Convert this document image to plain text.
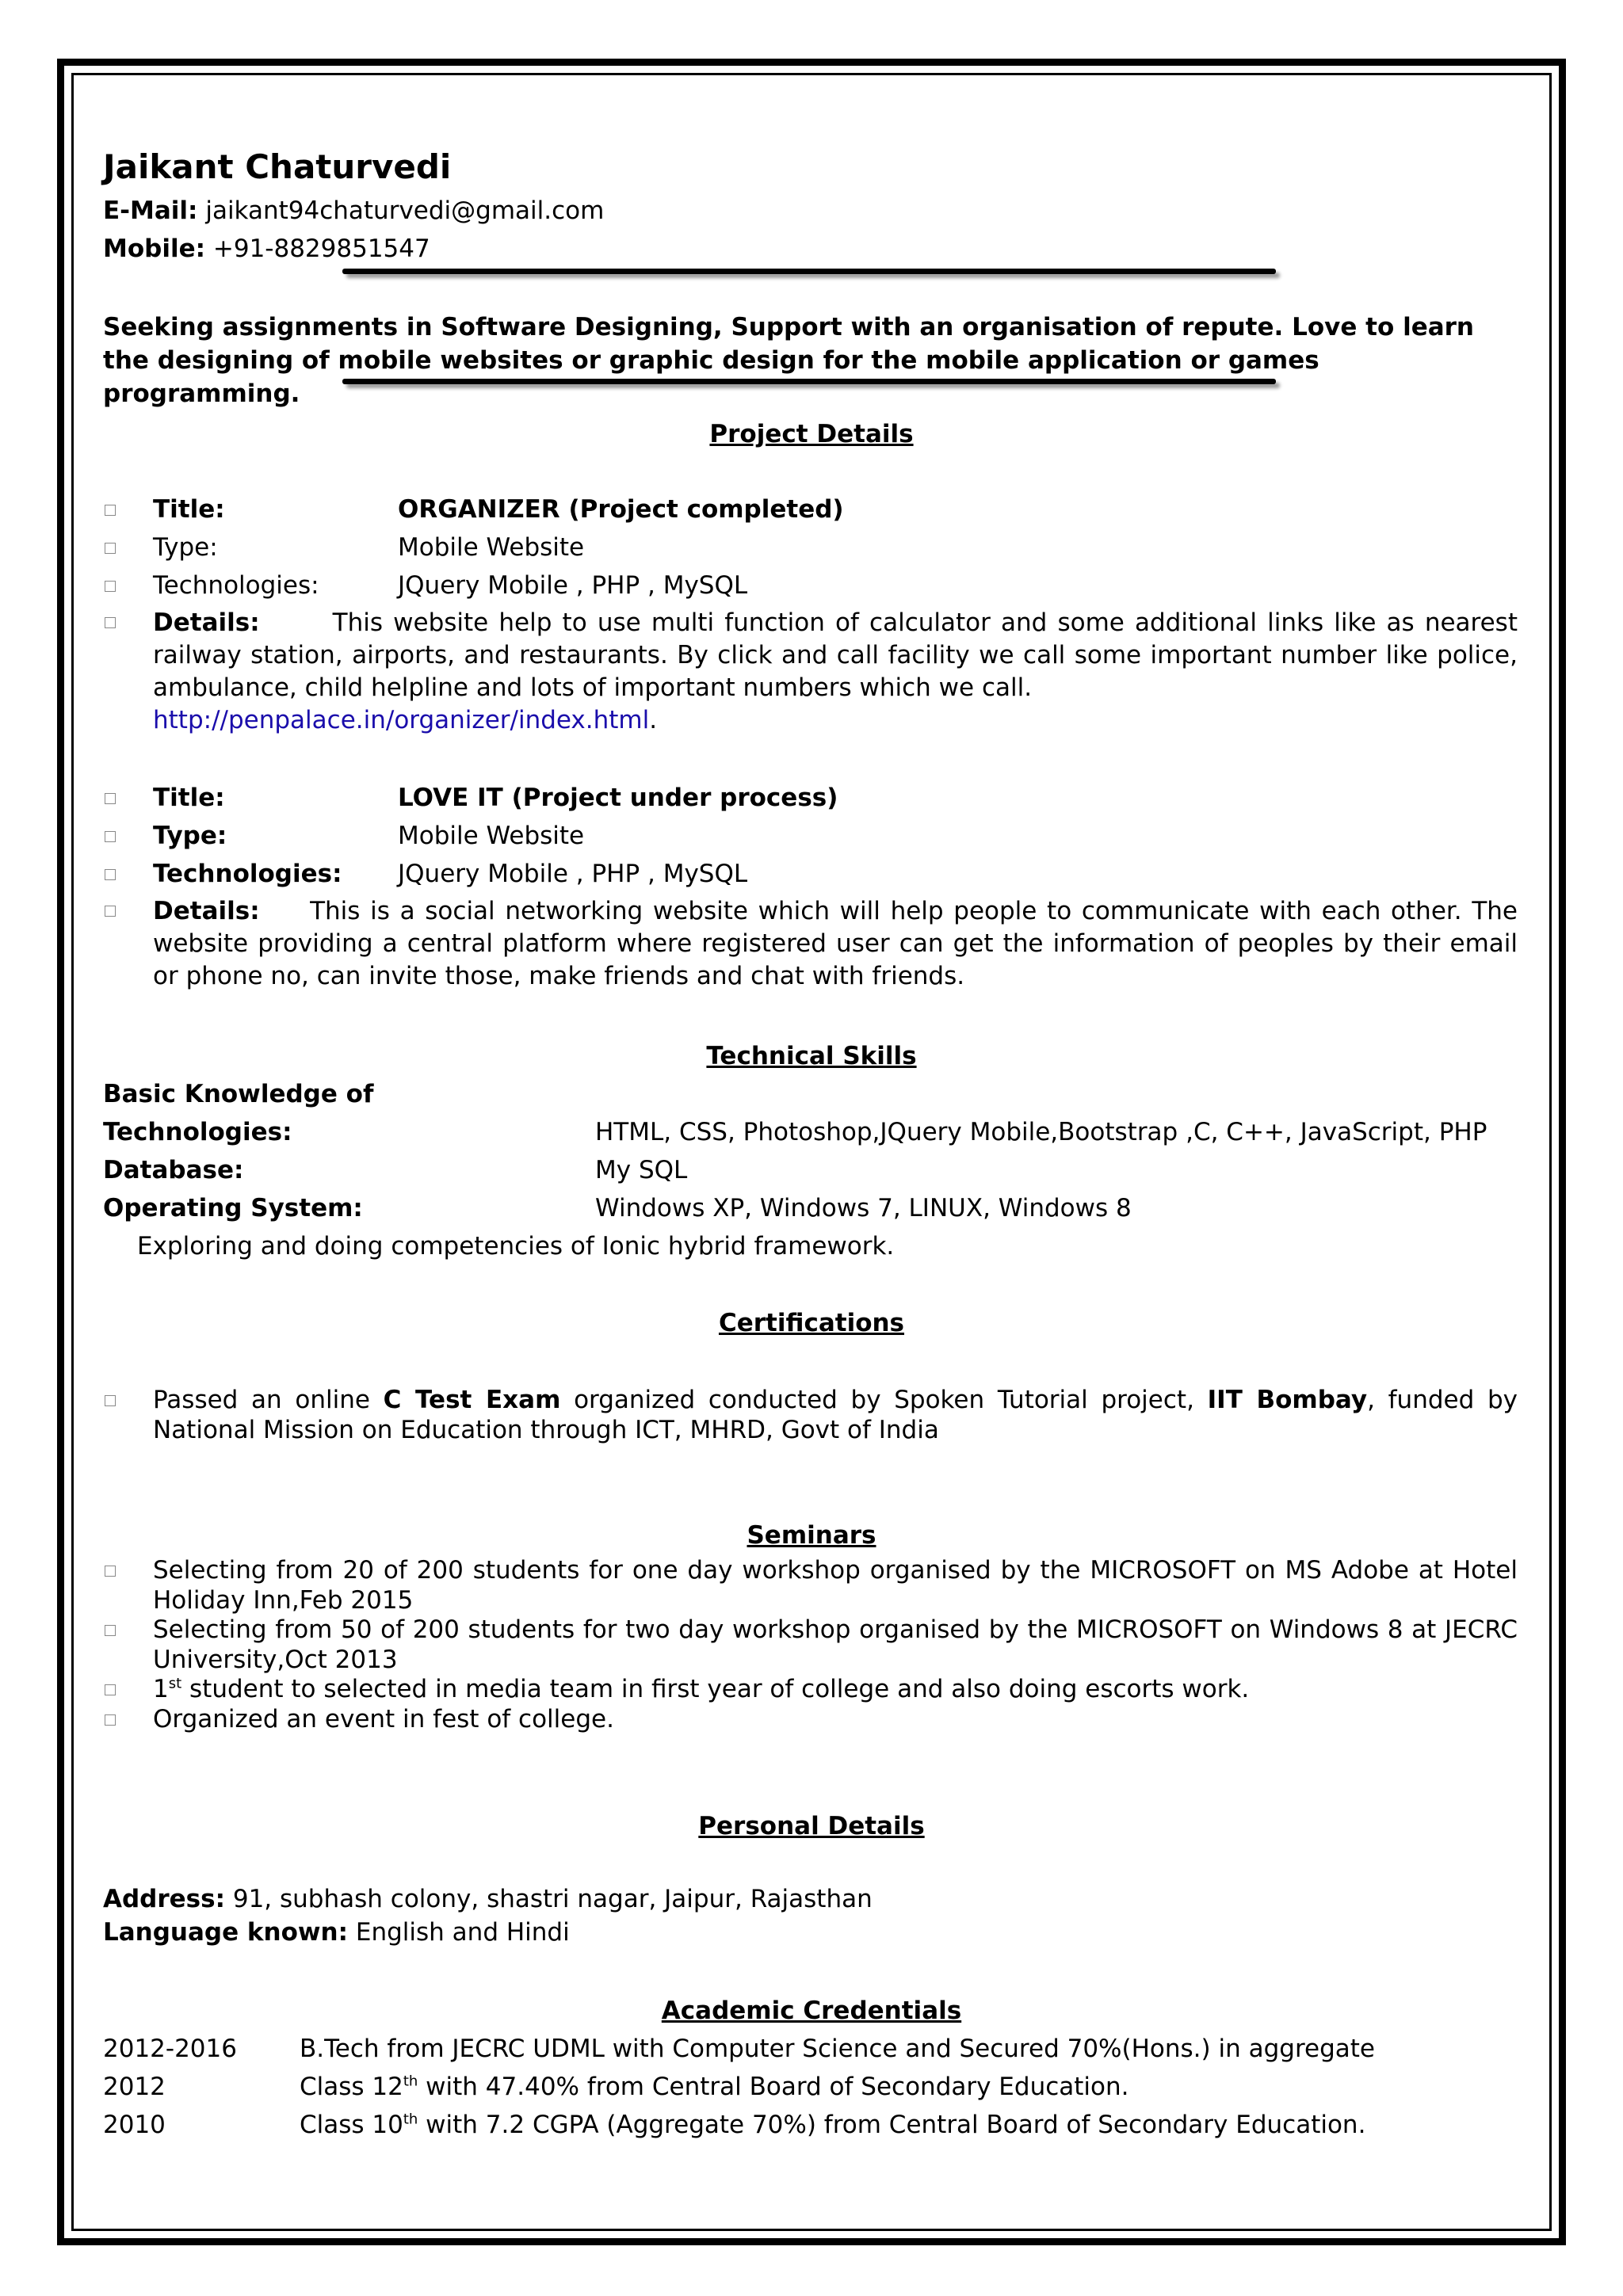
Jaikant Chaturvedi
E-Mail: jaikant94chaturvedi@gmail.com
Mobile: +91-8829851547
Seeking assignments in Software Designing, Support with an organisation of repute. Love to learn the designing of mobile websites or graphic design for the mobile application or games programming.
Project Details
Title:	ORGANIZER (Project completed)
Type:	Mobile Website
Technologies:	JQuery Mobile , PHP , MySQL
Details:	This website help to use multi function of calculator and some additional links like as nearest railway station, airports, and restaurants. By click and call facility we call some important number like police, ambulance, child helpline and lots of important numbers which we call.
http://penpalace.in/organizer/index.html.
Title:	LOVE IT (Project under process)
Type:	Mobile Website
Technologies: JQuery Mobile , PHP , MySQL
Details: This is a social networking website which will help people to communicate with each other. The website providing a central platform where registered user can get the information of peoples by their email or phone no, can invite those, make friends and chat with friends.
Technical Skills
Basic Knowledge of
Technologies:	HTML, CSS, Photoshop,JQuery Mobile,Bootstrap ,C, C++, JavaScript, PHP
Database:	My SQL
Operating System:	Windows XP, Windows 7, LINUX, Windows 8
Exploring and doing competencies of Ionic hybrid framework.
Certifications
Passed an online C Test Exam organized conducted by Spoken Tutorial project, IIT Bombay, funded by National Mission on Education through ICT, MHRD, Govt of India
Seminars
Selecting from 20 of 200 students for one day workshop organised by the MICROSOFT on MS Adobe at Hotel Holiday Inn,Feb 2015
Selecting from 50 of 200 students for two day workshop organised by the MICROSOFT on Windows 8 at JECRC University,Oct 2013
1st student to selected in media team in first year of college and also doing escorts work.
Organized an event in fest of college.
Personal Details
Address: 91, subhash colony, shastri nagar, Jaipur, Rajasthan
Language known: English and Hindi
Academic Credentials
2012-2016	B.Tech from JECRC UDML with Computer Science and Secured 70%(Hons.) in aggregate
2012	Class 12th with 47.40% from Central Board of Secondary Education.
2010	Class 10th with 7.2 CGPA (Aggregate 70%) from Central Board of Secondary Education.
